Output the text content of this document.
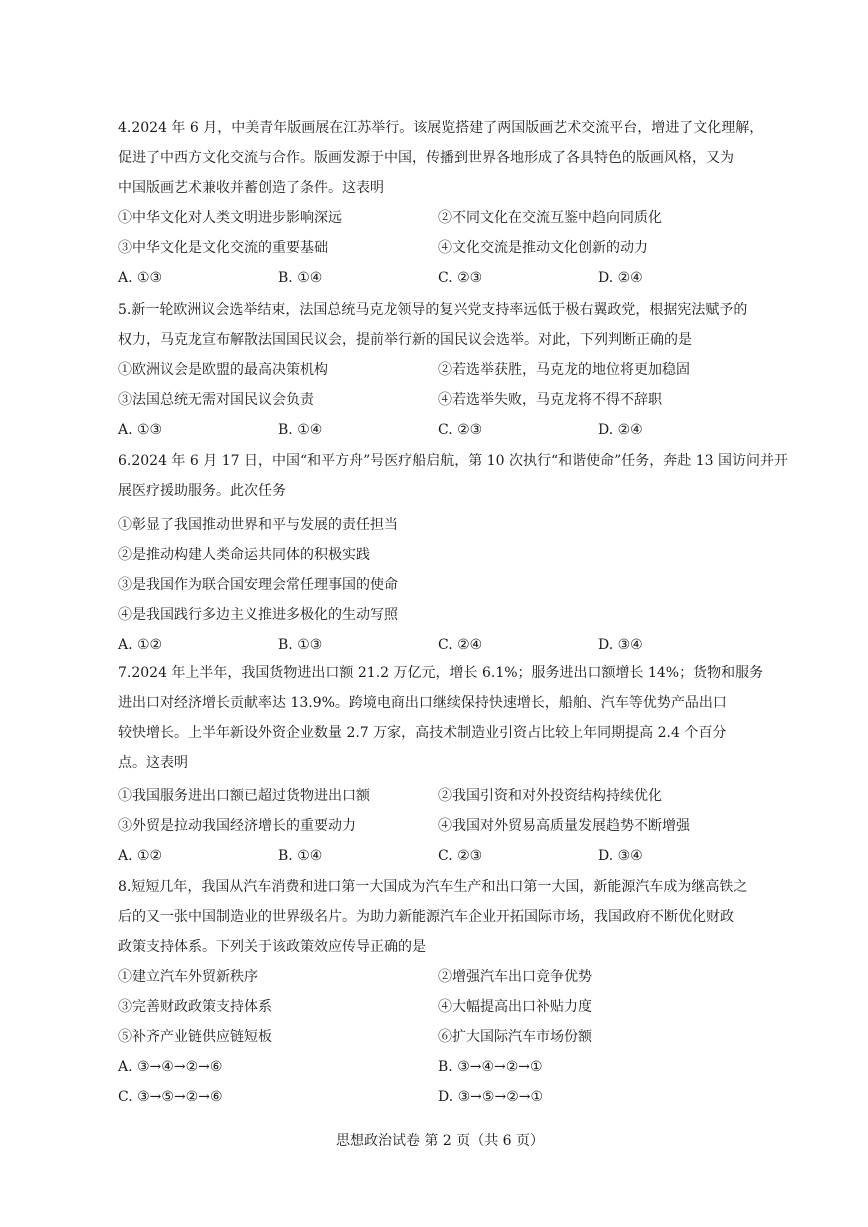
4.2024 年 6 月，中美青年版画展在江苏举行。该展览搭建了两国版画艺术交流平台，增进了文化理解，
促进了中西方文化交流与合作。版画发源于中国，传播到世界各地形成了各具特色的版画风格，又为
中国版画艺术兼收并蓄创造了条件。这表明
①中华文化对人类文明进步影响深远	②不同文化在交流互鉴中趋向同质化
③中华文化是文化交流的重要基础	④文化交流是推动文化创新的动力
A. ①③	B. ①④	C. ②③	D. ②④
5.新一轮欧洲议会选举结束，法国总统马克龙领导的复兴党支持率远低于极右翼政党，根据宪法赋予的
权力，马克龙宣布解散法国国民议会，提前举行新的国民议会选举。对此，下列判断正确的是
①欧洲议会是欧盟的最高决策机构	②若选举获胜，马克龙的地位将更加稳固
③法国总统无需对国民议会负责	④若选举失败，马克龙将不得不辞职
A. ①③	B. ①④	C. ②③	D. ②④
6.2024 年 6 月 17 日，中国“和平方舟”号医疗船启航，第 10 次执行“和谐使命”任务，奔赴 13 国访问并开
展医疗援助服务。此次任务
①彰显了我国推动世界和平与发展的责任担当
②是推动构建人类命运共同体的积极实践
③是我国作为联合国安理会常任理事国的使命
④是我国践行多边主义推进多极化的生动写照
A. ①②	B. ①③	C. ②④	D. ③④
7.2024 年上半年，我国货物进出口额 21.2 万亿元，增长 6.1%；服务进出口额增长 14%；货物和服务
进出口对经济增长贡献率达 13.9%。跨境电商出口继续保持快速增长，船舶、汽车等优势产品出口
较快增长。上半年新设外资企业数量 2.7 万家，高技术制造业引资占比较上年同期提高 2.4 个百分
点。这表明
①我国服务进出口额已超过货物进出口额	②我国引资和对外投资结构持续优化
③外贸是拉动我国经济增长的重要动力	④我国对外贸易高质量发展趋势不断增强
A. ①②	B. ①④	C. ②③	D. ③④
8.短短几年，我国从汽车消费和进口第一大国成为汽车生产和出口第一大国，新能源汽车成为继高铁之
后的又一张中国制造业的世界级名片。为助力新能源汽车企业开拓国际市场，我国政府不断优化财政
政策支持体系。下列关于该政策效应传导正确的是
①建立汽车外贸新秩序	②增强汽车出口竞争优势
③完善财政政策支持体系	④大幅提高出口补贴力度
⑤补齐产业链供应链短板	⑥扩大国际汽车市场份额
A. ③→④→②→⑥	B. ③→④→②→①
C. ③→⑤→②→⑥	D. ③→⑤→②→①
思想政治试卷 第 2 页（共 6 页）
